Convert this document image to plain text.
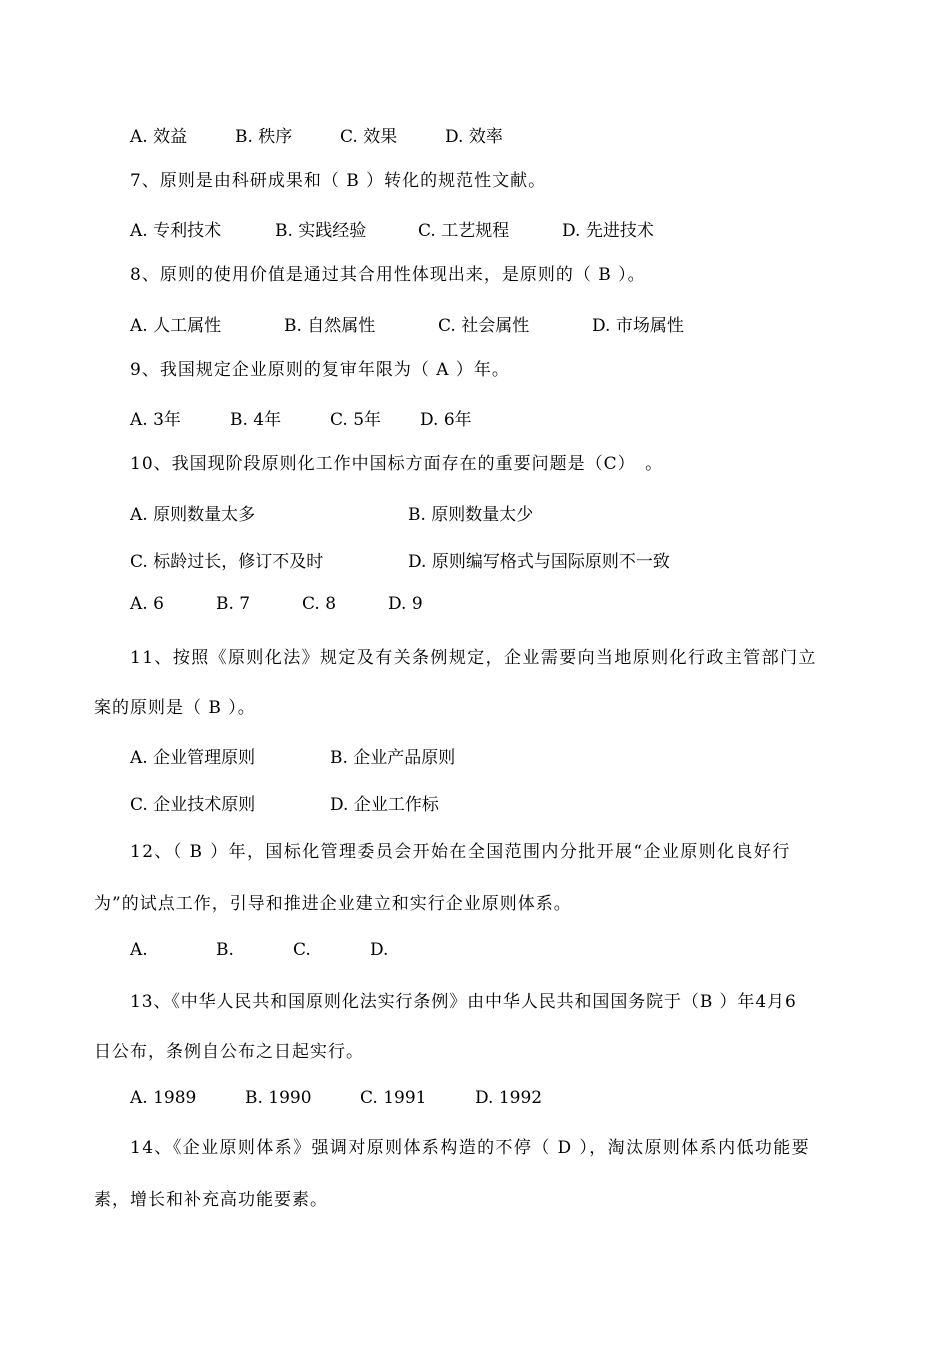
A. 效益	B. 秩序	C. 效果	D. 效率
7、原则是由科研成果和（ B ）转化的规范性文献。
A. 专利技术	B. 实践经验	C. 工艺规程	D. 先进技术
8、原则的使用价值是通过其合用性体现出来，是原则的（ B ）。
A. 人工属性	B. 自然属性	C. 社会属性	D. 市场属性
9、我国规定企业原则的复审年限为（ A ）年。
A. 3年	B. 4年	C. 5年 D. 6年
10、我国现阶段原则化工作中国标方面存在的重要问题是（C）　。
A. 原则数量太多	B. 原则数量太少
C. 标龄过长，修订不及时	D. 原则编写格式与国际原则不一致
A. 6	B. 7	C. 8	D. 9
11、按照《原则化法》规定及有关条例规定，企业需要向当地原则化行政主管部门立
案的原则是（ B ）。
A. 企业管理原则	B. 企业产品原则
C. 企业技术原则	D. 企业工作标
12、（ B ）年，国标化管理委员会开始在全国范围内分批开展“企业原则化良好行
为”的试点工作，引导和推进企业建立和实行企业原则体系。
A.	B.	C.	D.
13、《中华人民共和国原则化法实行条例》由中华人民共和国国务院于（B ）年4月6
日公布，条例自公布之日起实行。
A. 1989	B. 1990	C. 1991	D. 1992
14、《企业原则体系》强调对原则体系构造的不停（ D ），淘汰原则体系内低功能要
素，增长和补充高功能要素。
